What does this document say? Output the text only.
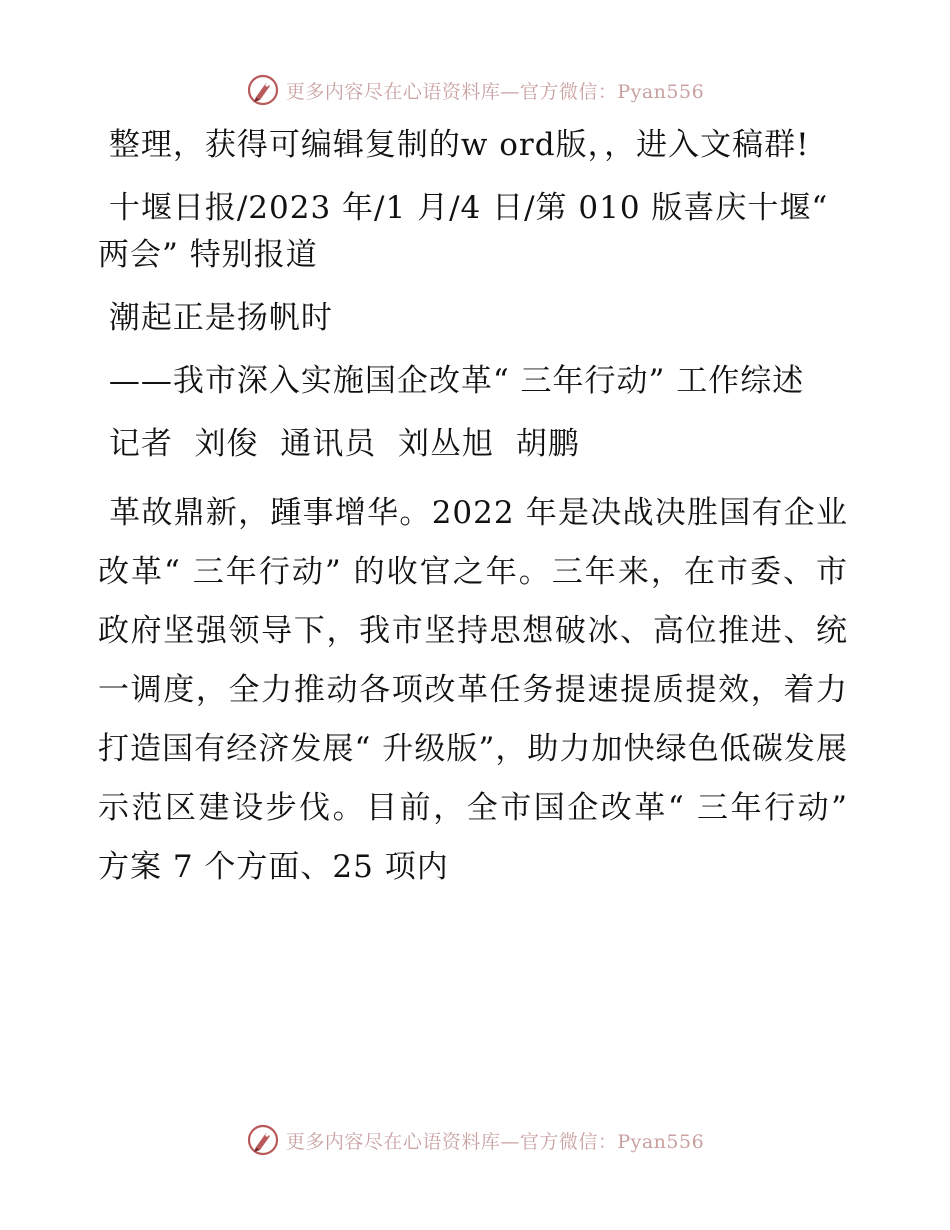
更多内容尽在心语资料库—官方微信：Pyan556

整理，获得可编辑复制的w ord版，，进入文稿群!

十堰日报/2023 年/1 月/4 日/第 010 版喜庆十堰“ 两会” 特别报道

潮起正是扬帆时

——我市深入实施国企改革“ 三年行动” 工作综述

记者  刘俊  通讯员  刘丛旭  胡鹏

革故鼎新，踵事增华。2022 年是决战决胜国有企业改革“ 三年行动” 的收官之年。三年来，在市委、市政府坚强领导下，我市坚持思想破冰、高位推进、统一调度，全力推动各项改革任务提速提质提效，着力打造国有经济发展“ 升级版”，助力加快绿色低碳发展示范区建设步伐。目前，全市国企改革“ 三年行动” 方案 7 个方面、25 项内

更多内容尽在心语资料库—官方微信：Pyan556
